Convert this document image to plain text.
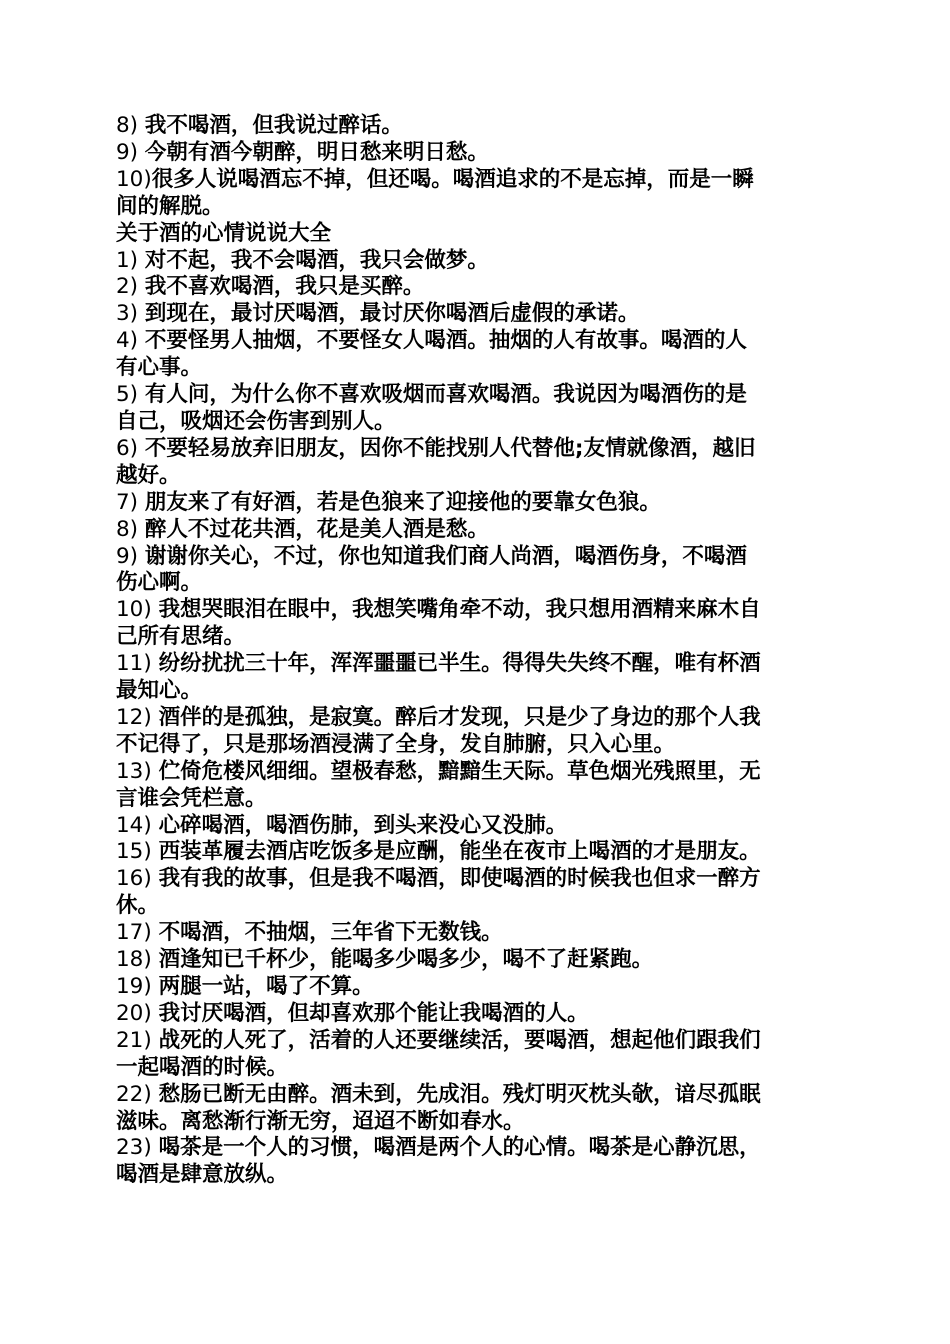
8) 我不喝酒，但我说过醉话。
9) 今朝有酒今朝醉，明日愁来明日愁。
10)很多人说喝酒忘不掉，但还喝。喝酒追求的不是忘掉，而是一瞬
间的解脱。
关于酒的心情说说大全
1) 对不起，我不会喝酒，我只会做梦。
2) 我不喜欢喝酒，我只是买醉。
3) 到现在，最讨厌喝酒，最讨厌你喝酒后虚假的承诺。
4) 不要怪男人抽烟，不要怪女人喝酒。抽烟的人有故事。喝酒的人
有心事。
5) 有人问，为什么你不喜欢吸烟而喜欢喝酒。我说因为喝酒伤的是
自己，吸烟还会伤害到别人。
6) 不要轻易放弃旧朋友，因你不能找别人代替他;友情就像酒，越旧
越好。
7) 朋友来了有好酒，若是色狼来了迎接他的要靠女色狼。
8) 醉人不过花共酒，花是美人酒是愁。
9) 谢谢你关心，不过，你也知道我们商人尚酒，喝酒伤身，不喝酒
伤心啊。
10) 我想哭眼泪在眼中，我想笑嘴角牵不动，我只想用酒精来麻木自
己所有思绪。
11) 纷纷扰扰三十年，浑浑噩噩已半生。得得失失终不醒，唯有杯酒
最知心。
12) 酒伴的是孤独，是寂寞。醉后才发现，只是少了身边的那个人我
不记得了，只是那场酒浸满了全身，发自肺腑，只入心里。
13) 伫倚危楼风细细。望极春愁，黯黯生天际。草色烟光残照里，无
言谁会凭栏意。
14) 心碎喝酒，喝酒伤肺，到头来没心又没肺。
15) 西装革履去酒店吃饭多是应酬，能坐在夜市上喝酒的才是朋友。
16) 我有我的故事，但是我不喝酒，即使喝酒的时候我也但求一醉方
休。
17) 不喝酒，不抽烟，三年省下无数钱。
18) 酒逢知已千杯少，能喝多少喝多少，喝不了赶紧跑。
19) 两腿一站，喝了不算。
20) 我讨厌喝酒，但却喜欢那个能让我喝酒的人。
21) 战死的人死了，活着的人还要继续活，要喝酒，想起他们跟我们
一起喝酒的时候。
22) 愁肠已断无由醉。酒未到，先成泪。残灯明灭枕头欹，谙尽孤眠
滋味。离愁渐行渐无穷，迢迢不断如春水。
23) 喝茶是一个人的习惯，喝酒是两个人的心情。喝茶是心静沉思，
喝酒是肆意放纵。
